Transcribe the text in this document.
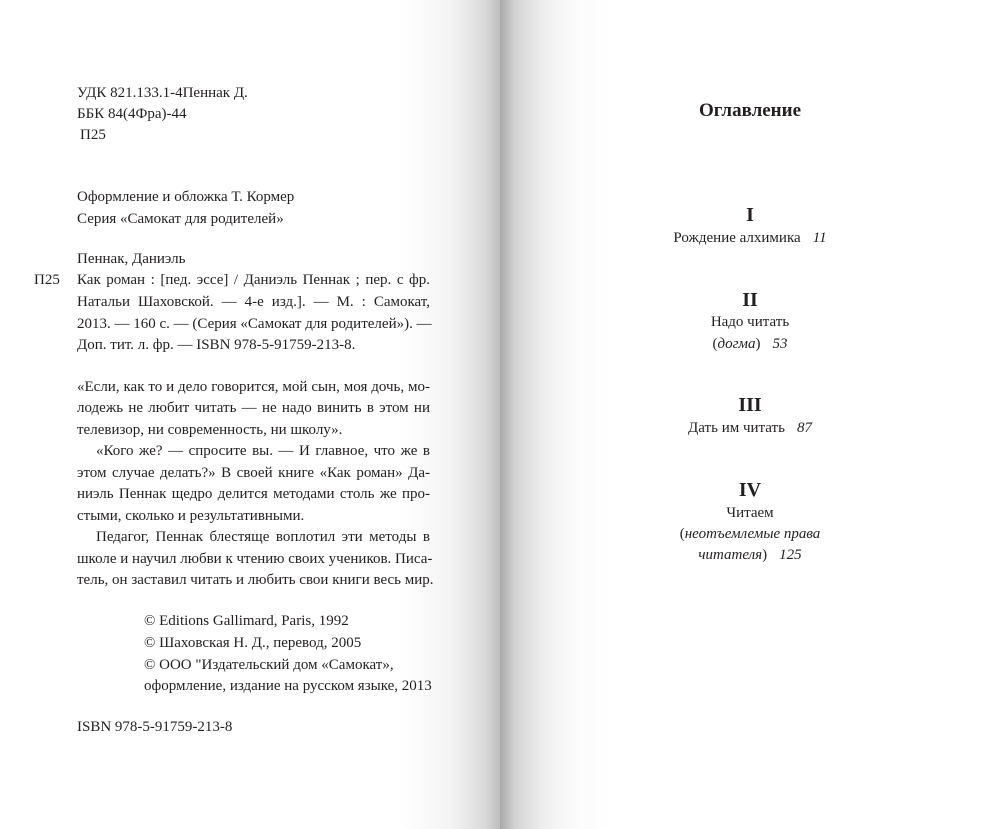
УДК 821.133.1-4Пеннак Д.
ББК 84(4Фра)-44
П25
Оформление и обложка Т. Кормер
Серия «Самокат для родителей»
Пеннак, Даниэль
П25 Как роман : [пед. эссе] / Даниэль Пеннак ; пер. с фр.
Натальи Шаховской. — 4-е изд.]. — М. : Самокат,
2013. — 160 с. — (Серия «Самокат для родителей»). —
Доп. тит. л. фр. — ISBN 978-5-91759-213-8.
«Если, как то и дело говорится, мой сын, моя дочь, мо-
лодежь не любит читать — не надо винить в этом ни
телевизор, ни современность, ни школу».
«Кого же? — спросите вы. — И главное, что же в
этом случае делать?» В своей книге «Как роман» Да-
ниэль Пеннак щедро делится методами столь же про-
стыми, сколько и результативными.
Педагог, Пеннак блестяще воплотил эти методы в
школе и научил любви к чтению своих учеников. Писа-
тель, он заставил читать и любить свои книги весь мир.
© Editions Gallimard, Paris, 1992
© Шаховская Н. Д., перевод, 2005
© ООО "Издательский дом «Самокат»,
оформление, издание на русском языке, 2013
ISBN 978-5-91759-213-8
Оглавление
I
Рождение алхимика 11
II
Надо читать
(догма) 53
III
Дать им читать 87
IV
Читаем
(неотъемлемые права
читателя) 125
